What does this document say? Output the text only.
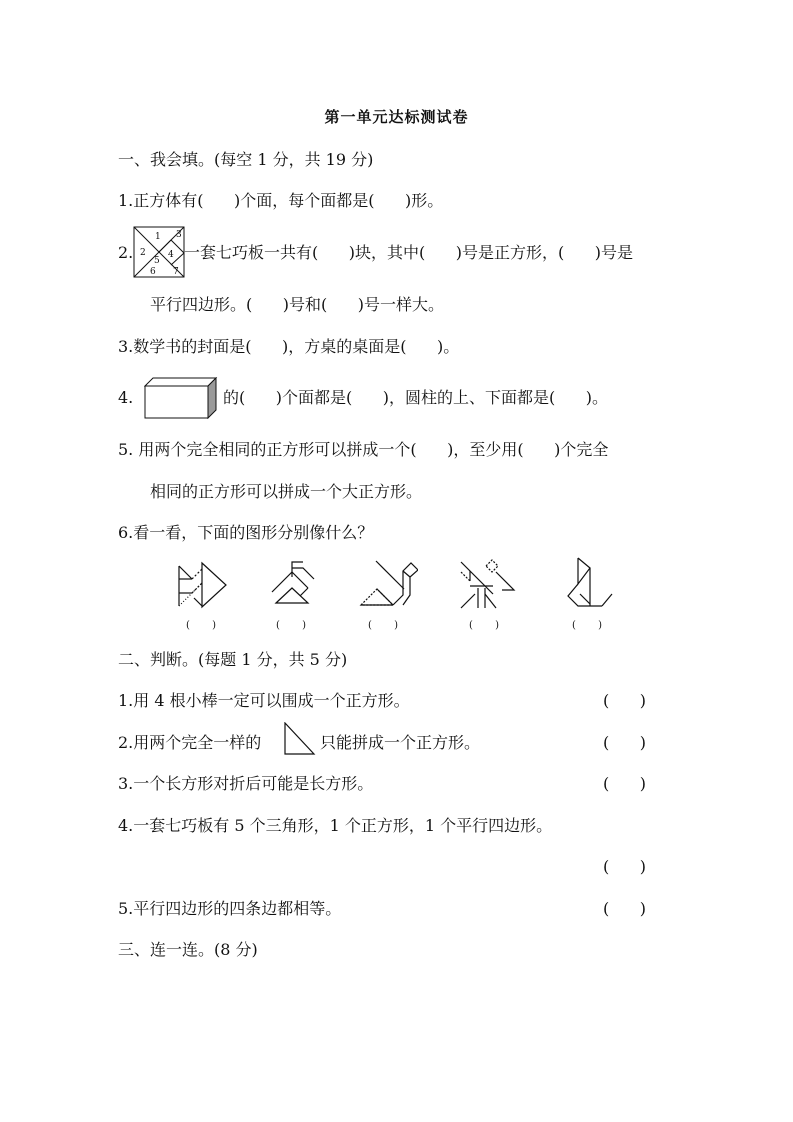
第一单元达标测试卷
一、我会填。(每空 1 分，共 19 分)
1.正方体有(      )个面，每个面都是(      )形。
2.
1
2
3
4
5
6 7
一套七巧板一共有(      )块，其中(      )号是正方形，(      )号是
平行四边形。(      )号和(      )号一样大。
3.数学书的封面是(      )，方桌的桌面是(      )。
4.	的(      )个面都是(      )，圆柱的上、下面都是(      )。
5. 用两个完全相同的正方形可以拼成一个(      )，至少用(      )个完全
相同的正方形可以拼成一个大正方形。
6.看一看，下面的图形分别像什么？
(       )	(       )	(       )	(       )	(       )
二、判断。(每题 1 分，共 5 分)
1.用 4 根小棒一定可以围成一个正方形。	(      )
2.用两个完全一样的	只能拼成一个正方形。	(      )
3.一个长方形对折后可能是长方形。	(      )
4.一套七巧板有 5 个三角形，1 个正方形，1 个平行四边形。
(      )
5.平行四边形的四条边都相等。	(      )
三、连一连。(8 分)
